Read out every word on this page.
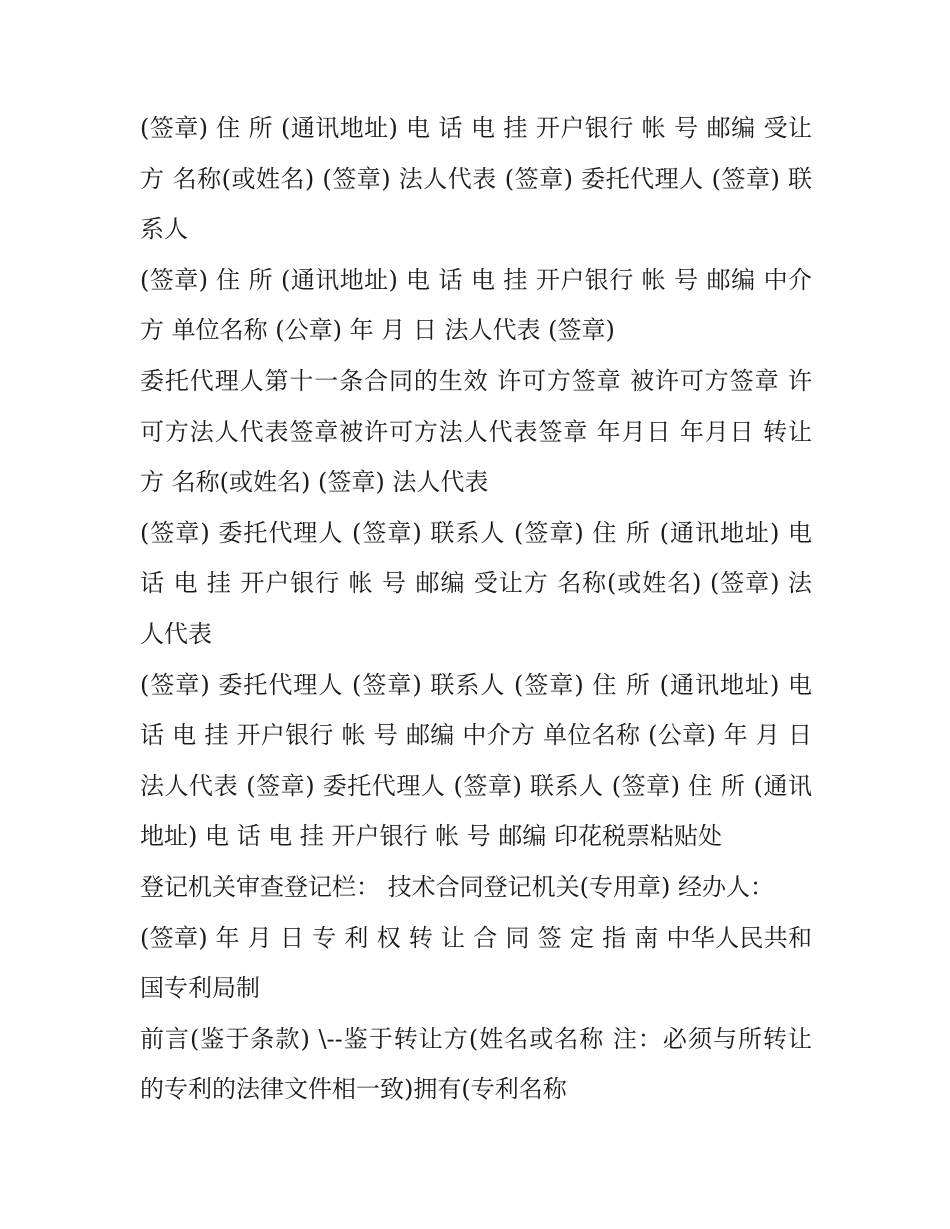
(签章) 住 所 (通讯地址) 电 话 电 挂 开户银行 帐 号 邮编 受让
方 名称(或姓名) (签章) 法人代表 (签章) 委托代理人 (签章) 联
系人
(签章) 住 所 (通讯地址) 电 话 电 挂 开户银行 帐 号 邮编 中介
方 单位名称 (公章) 年 月 日 法人代表 (签章)
委托代理人第十一条合同的生效 许可方签章 被许可方签章 许
可方法人代表签章被许可方法人代表签章 年月日 年月日 转让
方 名称(或姓名) (签章) 法人代表
(签章) 委托代理人 (签章) 联系人 (签章) 住 所 (通讯地址) 电
话 电 挂 开户银行 帐 号 邮编 受让方 名称(或姓名) (签章) 法
人代表
(签章) 委托代理人 (签章) 联系人 (签章) 住 所 (通讯地址) 电
话 电 挂 开户银行 帐 号 邮编 中介方 单位名称 (公章) 年 月 日
法人代表 (签章) 委托代理人 (签章) 联系人 (签章) 住 所 (通讯
地址) 电 话 电 挂 开户银行 帐 号 邮编 印花税票粘贴处
登记机关审查登记栏： 技术合同登记机关(专用章) 经办人：
(签章) 年 月 日 专 利 权 转 让 合 同 签 定 指 南 中华人民共和
国专利局制
前言(鉴于条款) \--鉴于转让方(姓名或名称 注：必须与所转让
的专利的法律文件相一致)拥有(专利名称
